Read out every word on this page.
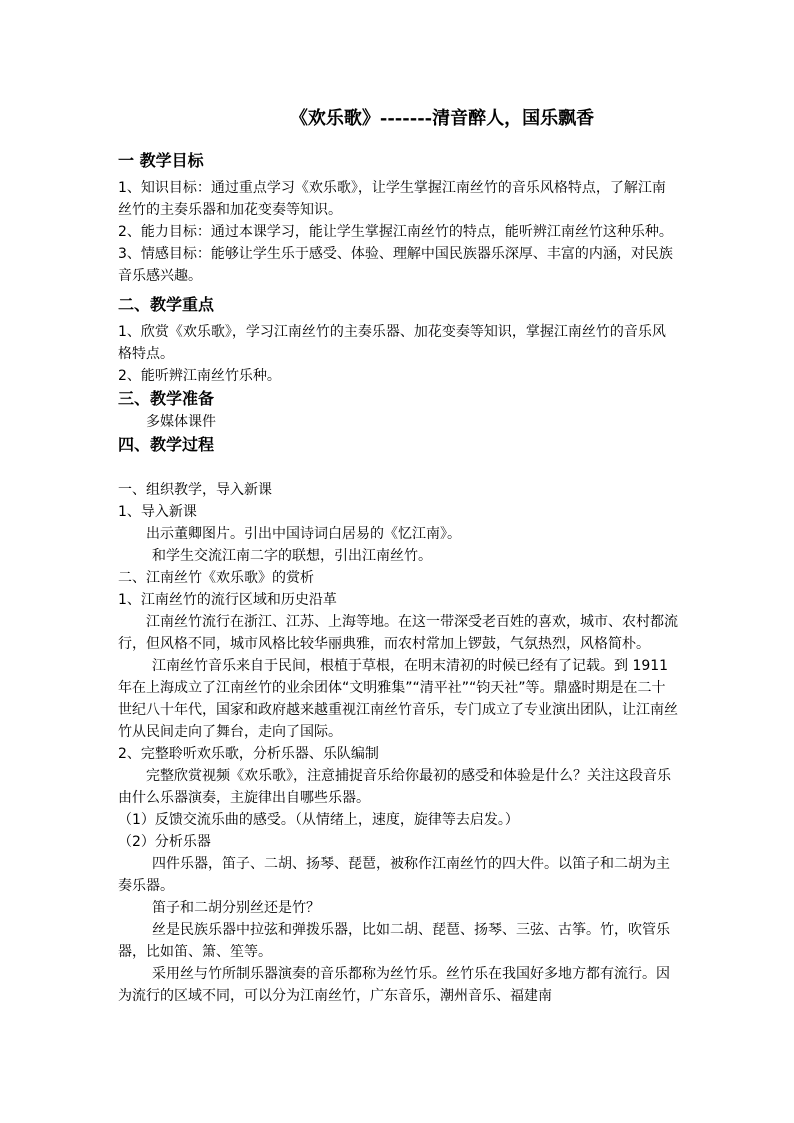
《欢乐歌》-------清音醉人，国乐飘香

一 教学目标

1、知识目标：通过重点学习《欢乐歌》，让学生掌握江南丝竹的音乐风格特点，了解江南丝竹的主奏乐器和加花变奏等知识。

2、能力目标：通过本课学习，能让学生掌握江南丝竹的特点，能听辨江南丝竹这种乐种。

3、情感目标：能够让学生乐于感受、体验、理解中国民族器乐深厚、丰富的内涵，对民族音乐感兴趣。

二、教学重点

1、欣赏《欢乐歌》，学习江南丝竹的主奏乐器、加花变奏等知识，掌握江南丝竹的音乐风格特点。

2、能听辨江南丝竹乐种。

三、教学准备

多媒体课件

四、教学过程

一、组织教学，导入新课

1、导入新课

出示董卿图片。引出中国诗词白居易的《忆江南》。

和学生交流江南二字的联想，引出江南丝竹。

二、江南丝竹《欢乐歌》的赏析

1、江南丝竹的流行区域和历史沿革

江南丝竹流行在浙江、江苏、上海等地。在这一带深受老百姓的喜欢，城市、农村都流行，但风格不同，城市风格比较华丽典雅，而农村常加上锣鼓，气氛热烈，风格简朴。

江南丝竹音乐来自于民间，根植于草根，在明末清初的时候已经有了记载。到 1911 年在上海成立了江南丝竹的业余团体“文明雅集”“清平社”“钧天社”等。鼎盛时期是在二十世纪八十年代，国家和政府越来越重视江南丝竹音乐，专门成立了专业演出团队，让江南丝竹从民间走向了舞台，走向了国际。

2、完整聆听欢乐歌，分析乐器、乐队编制

完整欣赏视频《欢乐歌》，注意捕捉音乐给你最初的感受和体验是什么？关注这段音乐由什么乐器演奏，主旋律出自哪些乐器。

（1）反馈交流乐曲的感受。（从情绪上，速度，旋律等去启发。）

（2）分析乐器

四件乐器，笛子、二胡、扬琴、琵琶，被称作江南丝竹的四大件。以笛子和二胡为主奏乐器。

笛子和二胡分别丝还是竹？

丝是民族乐器中拉弦和弹拨乐器，比如二胡、琵琶、扬琴、三弦、古筝。竹，吹管乐器，比如笛、箫、笙等。

采用丝与竹所制乐器演奏的音乐都称为丝竹乐。丝竹乐在我国好多地方都有流行。因为流行的区域不同，可以分为江南丝竹，广东音乐，潮州音乐、福建南
